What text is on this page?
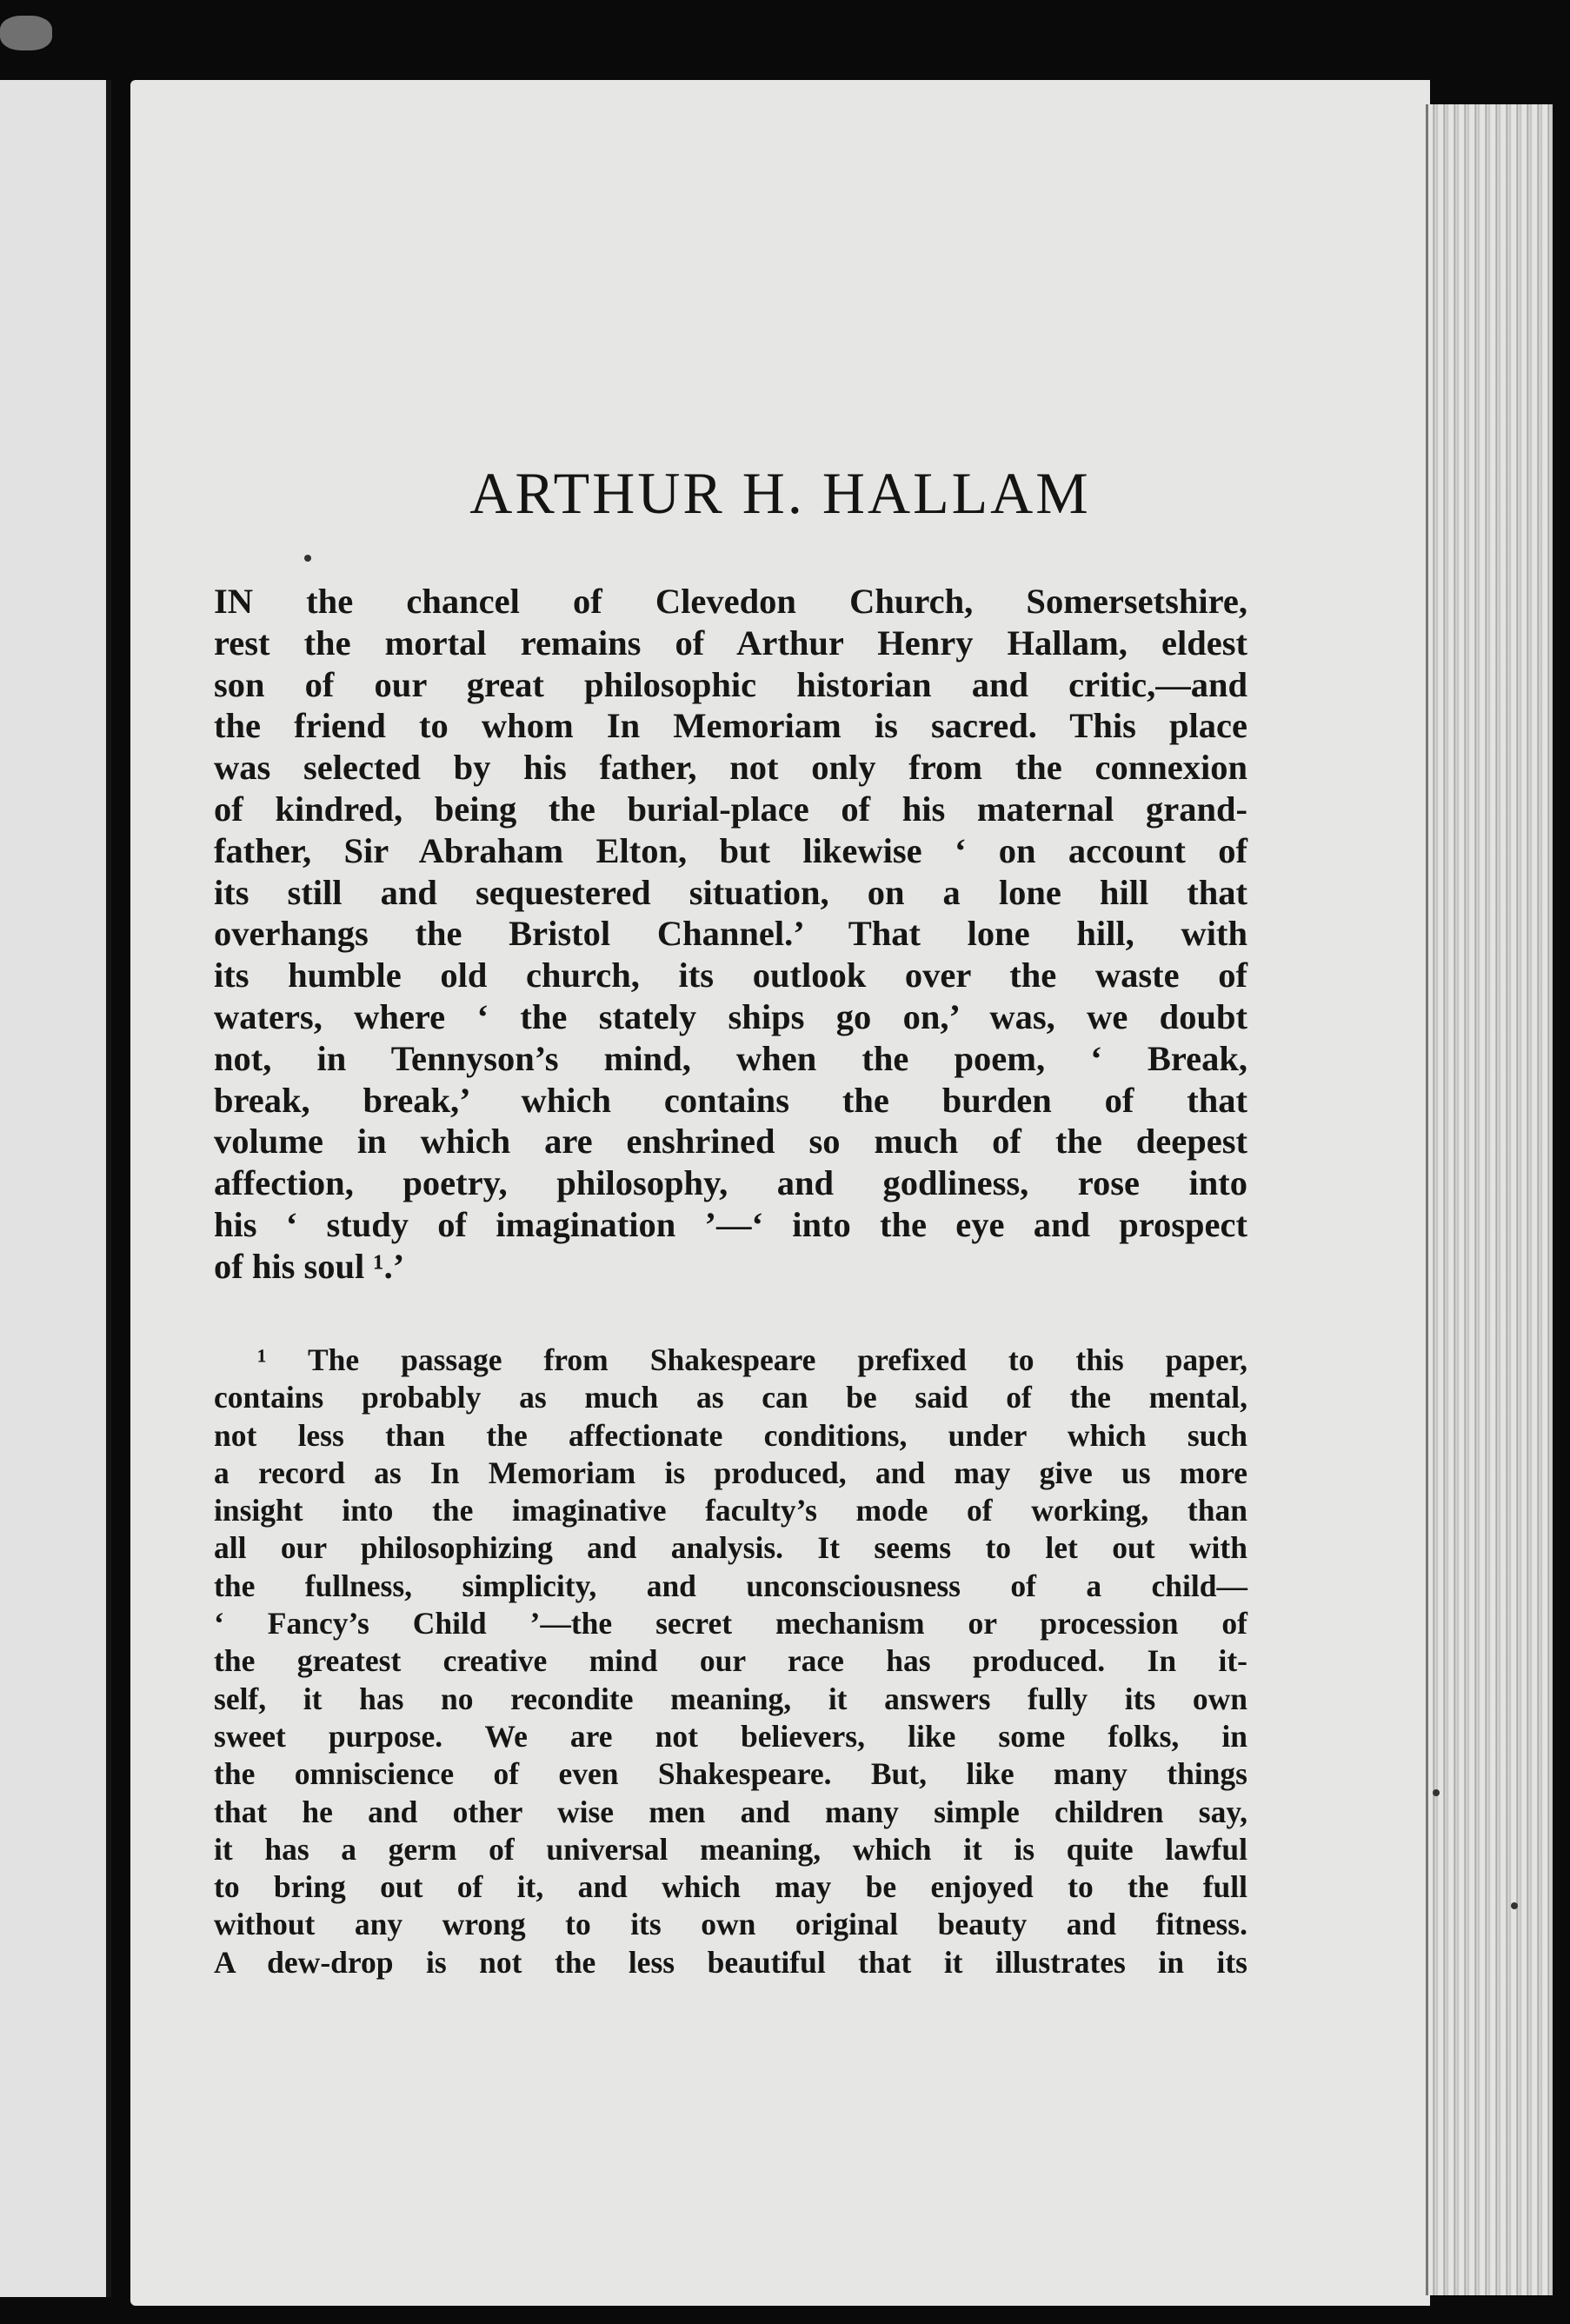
ARTHUR H. HALLAM
IN the chancel of Clevedon Church, Somersetshire,
rest the mortal remains of Arthur Henry Hallam, eldest
son of our great philosophic historian and critic,—and
the friend to whom In Memoriam is sacred. This place
was selected by his father, not only from the connexion
of kindred, being the burial-place of his maternal grand-
father, Sir Abraham Elton, but likewise ‘ on account of
its still and sequestered situation, on a lone hill that
overhangs the Bristol Channel.’ That lone hill, with
its humble old church, its outlook over the waste of
waters, where ‘ the stately ships go on,’ was, we doubt
not, in Tennyson’s mind, when the poem, ‘ Break,
break, break,’ which contains the burden of that
volume in which are enshrined so much of the deepest
affection, poetry, philosophy, and godliness, rose into
his ‘ study of imagination ’—‘ into the eye and prospect
of his soul ¹.’
¹ The passage from Shakespeare prefixed to this paper,
contains probably as much as can be said of the mental,
not less than the affectionate conditions, under which such
a record as In Memoriam is produced, and may give us more
insight into the imaginative faculty’s mode of working, than
all our philosophizing and analysis. It seems to let out with
the fullness, simplicity, and unconsciousness of a child—
‘ Fancy’s Child ’—the secret mechanism or procession of
the greatest creative mind our race has produced. In it-
self, it has no recondite meaning, it answers fully its own
sweet purpose. We are not believers, like some folks, in
the omniscience of even Shakespeare. But, like many things
that he and other wise men and many simple children say,
it has a germ of universal meaning, which it is quite lawful
to bring out of it, and which may be enjoyed to the full
without any wrong to its own original beauty and fitness.
A dew-drop is not the less beautiful that it illustrates in its
